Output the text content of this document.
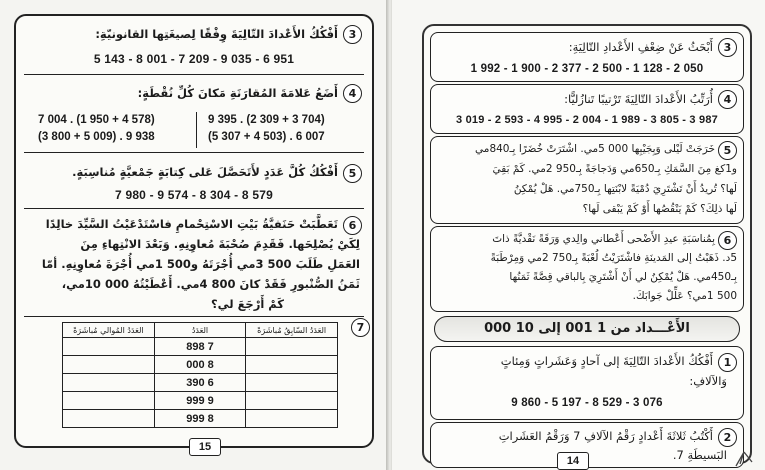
3
أَفْكُكُ الأَعْدادَ التّالِيَةَ وِفْقًا لِصيغَتِها القانونيّةِ:
5 143 - 8 001 - 7 209 - 9 035 - 6 951
4
أَضَعُ عَلامَةَ المُقارَنَةِ مَكانَ كُلِّ نُقْطَةٍ:
7 004 . (1 950 + 4 578)
(3 800 + 5 009) . 9 938
9 395 . (2 309 + 3 704)
(5 307 + 4 503) . 6 007
5
أَفْكُكُ كُلَّ عَدَدٍ لأَتَحَصَّلَ عَلى كِتابَةٍ جَمْعيَّةٍ مُناسِبَةٍ.
7 980 - 9 574 - 8 304 - 8 579
6
تَعَطَّبَتْ حَنَفيَّةُ بَيْتِ الاسْتِحْمامِ فاسْتَدْعَيْتُ السَّيِّدَ خالِدًا
لِكَيْ يُصْلِحَها. فَقَدِمَ صُحْبَةَ مُعاوِنِهِ. وَبَعْدَ الانْتِهاءِ مِنَ
العَمَلِ طَلَبَ 500 3مي أُجْرَتَهُ و500 1مي أُجْرَةَ مُعاوِنِهِ. أمّا
ثَمَنُ الصُّنْبورِ فَقَدْ كانَ 800 4مي. أَعْطَيْتُهُ 000 10مي،
كَمْ أَرْجَعَ لي؟
7
العَدَدُ السّابِقُ مُباشَرَةً	العَدَدُ	العَدَدُ المُوالي مُباشَرَةً
	7 898	
	8 000	
	6 390	
	9 999	
	8 999	
15
3
أَبْحَثُ عَنْ ضِعْفِ الأَعْدادِ التّالِيَةِ:
1 992 - 1 900 - 2 377 - 2 500 - 1 128 - 2 050
4
أُرَتِّبُ الأَعْدادَ التّالِيَةَ تَرْتيبًا تَنازُليًّا:
3 019 - 2 593 - 4 995 - 2 004 - 1 989 - 3 805 - 3 987
5
خَرَجَتْ لَيْلى وَبِجَيْبِها 000 5مي. اشْتَرَتْ خُضَرًا بِـ840مي
و1كغ مِنَ السَّمَكِ بِـ650مي وَدَجاجَةً بِـ950 2مي. كَمْ بَقِيَ
لَها؟ تُريدُ أَنْ تَشْتَرِيَ دُمْيَةً لابْنَتِها بِـ750مي. هَلْ يُمْكِنُ
لَها ذلِكَ؟ كَمْ يَنْقُصُها أَوْ كَمْ يَبْقى لَها؟
6
بِمُناسَبَةِ عيدِ الأَضْحى أَعْطاني والِدي وَرَقَةً نَقْديَّةً ذاتَ
5د. ذَهَبْتُ إلى المَدينَةِ فاشْتَرَيْتُ لُعْبَةً بِـ750 2مي وَمِرْطَبَةً
بِـ450مي. هَلْ يُمْكِنُ لي أَنْ أَشْتَرِيَ بِالباقي قِصَّةً ثَمَنُها
500 1مي؟ عَلِّلْ جَوابَكَ.
الأَعْـــداد من 1 001 إلى 10 000
1
أَفْكُكُ الأَعْدادَ التّالِيَةَ إلى آحادٍ وَعَشَراتٍ وَمِئاتٍ
وَالآلافِ:
9 860 - 5 197 - 8 529 - 3 076
2
أَكْتُبُ ثَلاثَةَ أَعْدادٍ رَقْمُ الآلافِ 7 وَرَقْمُ العَشَراتِ
البَسيطَةِ 7.
14
